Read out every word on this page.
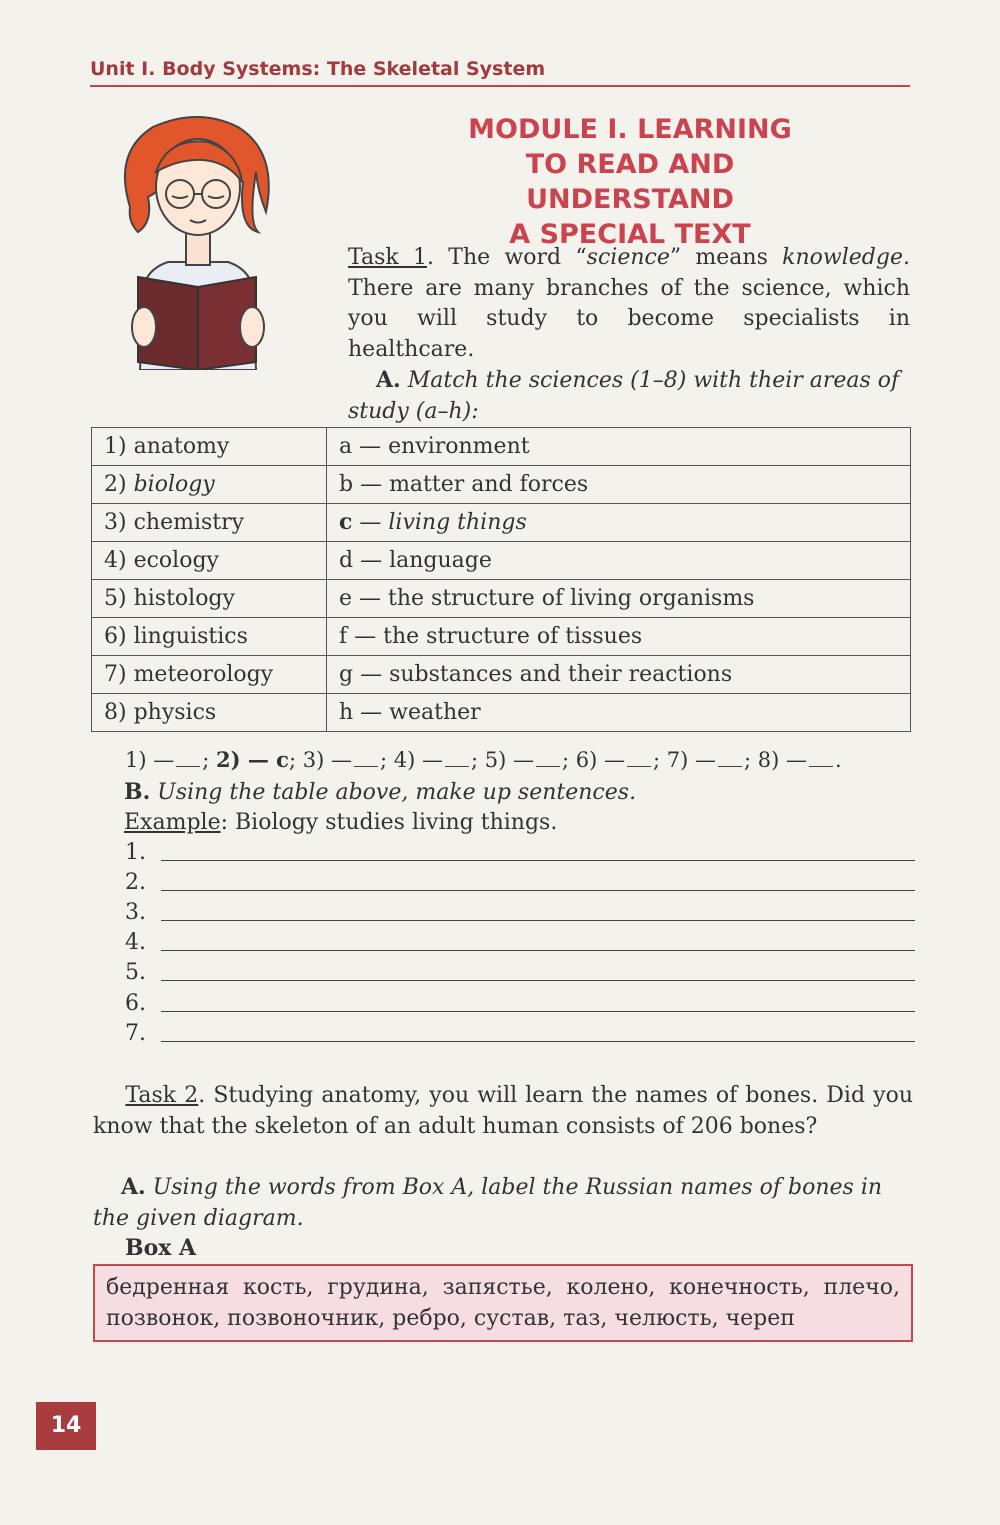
Unit I. Body Systems: The Skeletal System
MODULE I. LEARNING
TO READ AND UNDERSTAND
A SPECIAL TEXT
Task 1. The word “science” means knowledge. There are many branches of the science, which you will study to become specialists in healthcare.
A. Match the sciences (1–8) with their areas of study (a–h):
1) anatomy	a — environment
2) biology	b — matter and forces
3) chemistry	c — living things
4) ecology	d — language
5) histology	e — the structure of living organisms
6) linguistics	f — the structure of tissues
7) meteorology	g — substances and their reactions
8) physics	h — weather
1) — ; 2) — c; 3) — ; 4) — ; 5) — ; 6) — ; 7) — ; 8) — .
B. Using the table above, make up sentences.
Example: Biology studies living things.
1.
2.
3.
4.
5.
6.
7.
Task 2. Studying anatomy, you will learn the names of bones. Did you know that the skeleton of an adult human consists of 206 bones?
A. Using the words from Box A, label the Russian names of bones in the given diagram.
Box A
бедренная кость, грудина, запястье, колено, конечность, плечо, позвонок, позвоночник, ребро, сустав, таз, челюсть, череп
14
